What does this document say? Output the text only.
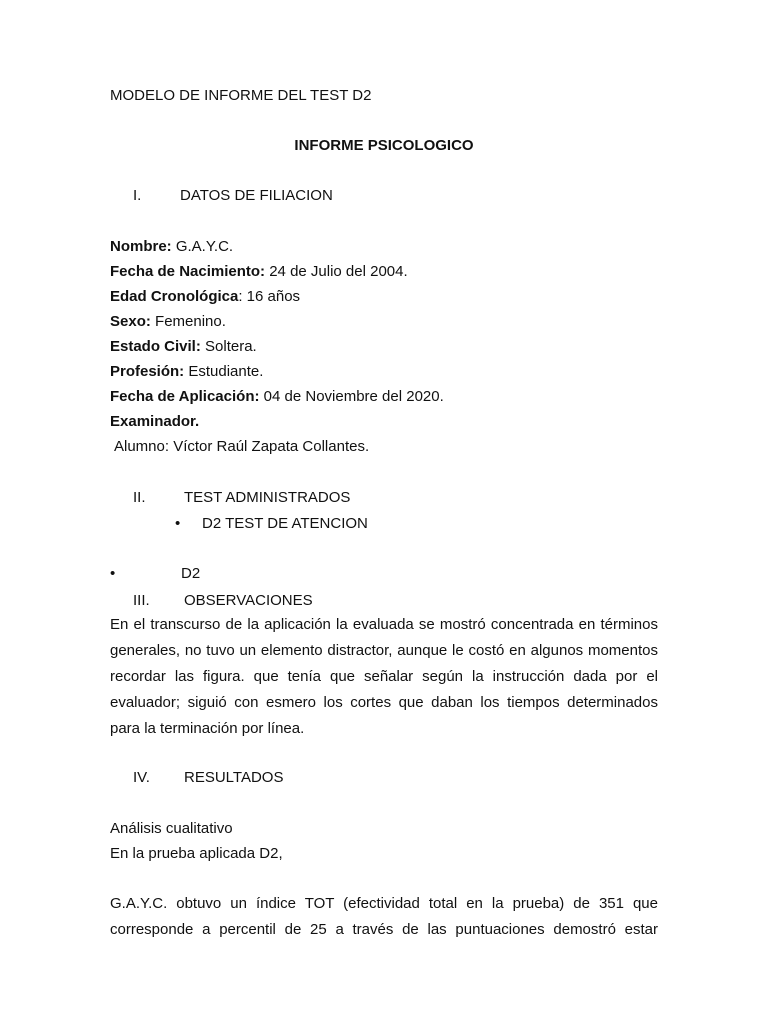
MODELO DE INFORME DEL TEST D2
INFORME PSICOLOGICO
I.	DATOS DE FILIACION
Nombre: G.A.Y.C.
Fecha de Nacimiento: 24 de Julio del 2004.
Edad Cronológica: 16 años
Sexo: Femenino.
Estado Civil: Soltera.
Profesión: Estudiante.
Fecha de Aplicación: 04 de Noviembre del 2020.
Examinador.
Alumno: Víctor Raúl Zapata Collantes.
II.	TEST ADMINISTRADOS
• D2 TEST DE ATENCION
•	D2
III. OBSERVACIONES
En el transcurso de la aplicación la evaluada se mostró concentrada en términos
generales, no tuvo un elemento distractor, aunque le costó en algunos momentos
recordar las figura. que tenía que señalar según la instrucción dada por el
evaluador; siguió con esmero los cortes que daban los tiempos determinados
para la terminación por línea.
IV. RESULTADOS
Análisis cualitativo
En la prueba aplicada D2,
G.A.Y.C. obtuvo un índice TOT (efectividad total en la prueba) de 351 que
corresponde a percentil de 25 a través de las puntuaciones demostró estar
